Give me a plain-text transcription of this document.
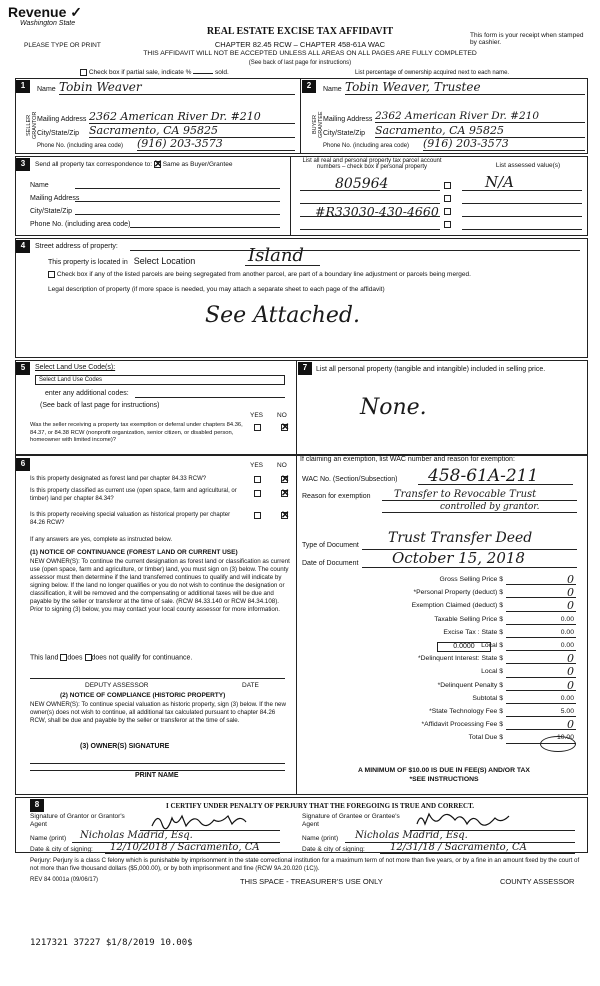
Revenue ✓
Washington State
PLEASE TYPE OR PRINT
REAL ESTATE EXCISE TAX AFFIDAVIT
CHAPTER 82.45 RCW – CHAPTER 458-61A WAC
THIS AFFIDAVIT WILL NOT BE ACCEPTED UNLESS ALL AREAS ON ALL PAGES ARE FULLY COMPLETED
(See back of last page for instructions)
This form is your receipt when stamped by cashier.
Check box if partial sale, indicate %	sold.	List percentage of ownership acquired next to each name.
1
SELLER GRANTOR
Name Tobin Weaver
Mailing Address 2362 American River Dr. #210
City/State/Zip Sacramento, CA 95825
Phone No. (including area code) (916) 203-3573
2
BUYER GRANTEE
Name Tobin Weaver, Trustee
Mailing Address 2362 American River Dr. #210
City/State/Zip Sacramento, CA 95825
Phone No. (including area code) (916) 203-3573
3	Send all property tax correspondence to: ✕ Same as Buyer/Grantee
Name
Mailing Address
City/State/Zip
Phone No. (including area code)
List all real and personal property tax parcel account numbers – check box if personal property	List assessed value(s)
805964
#R33030-430-4660
N/A
4	Street address of property:
This property is located in Select Location	Island
Check box if any of the listed parcels are being segregated from another parcel, are part of a boundary line adjustment or parcels being merged.
Legal description of property (if more space is needed, you may attach a separate sheet to each page of the affidavit)
See Attached.
5	Select Land Use Code(s):
Select Land Use Codes
enter any additional codes:
(See back of last page for instructions)
YES NO
Was the seller receiving a property tax exemption or deferral under chapters 84.36, 84.37, or 84.38 RCW (nonprofit organization, senior citizen, or disabled person, homeowner with limited income)?
✕
7	List all personal property (tangible and intangible) included in selling price.
None.
If claiming an exemption, list WAC number and reason for exemption:
WAC No. (Section/Subsection) 458-61A-211
Reason for exemption Transfer to Revocable Trust
controlled by grantor.
Type of Document Trust Transfer Deed
Date of Document October 15, 2018
Gross Selling Price $	0
*Personal Property (deduct) $	0
Exemption Claimed (deduct) $	0
Taxable Selling Price $	0.00
Excise Tax : State $	0.00
Local $	0.00
*Delinquent Interest: State $	0
Local $	0
*Delinquent Penalty $	0
Subtotal $	0.00
*State Technology Fee $	5.00
*Affidavit Processing Fee $	0
Total Due $	10.00
0.0000
A MINIMUM OF $10.00 IS DUE IN FEE(S) AND/OR TAX
*SEE INSTRUCTIONS
6	YES NO
Is this property designated as forest land per chapter 84.33 RCW?	✕
Is this property classified as current use (open space, farm and agricultural, or timber) land per chapter 84.34?	✕
Is this property receiving special valuation as historical property per chapter 84.26 RCW?
✕
If any answers are yes, complete as instructed below.
(1) NOTICE OF CONTINUANCE (FOREST LAND OR CURRENT USE)
NEW OWNER(S): To continue the current designation as forest land or classification as current use (open space, farm and agriculture, or timber) land, you must sign on (3) below. The county assessor must then determine if the land transferred continues to qualify and will indicate by signing below. If the land no longer qualifies or you do not wish to continue the designation or classification, it will be removed and the compensating or additional taxes will be due and payable by the seller or transferor at the time of sale. (RCW 84.33.140 or RCW 84.34.108). Prior to signing (3) below, you may contact your local county assessor for more information.
This land does does not qualify for continuance.
DEPUTY ASSESSOR	DATE
(2) NOTICE OF COMPLIANCE (HISTORIC PROPERTY)
NEW OWNER(S): To continue special valuation as historic property, sign (3) below. If the new owner(s) does not wish to continue, all additional tax calculated pursuant to chapter 84.26 RCW, shall be due and payable by the seller or transferor at the time of sale.
(3) OWNER(S) SIGNATURE
PRINT NAME
8	I CERTIFY UNDER PENALTY OF PERJURY THAT THE FOREGOING IS TRUE AND CORRECT.
Signature of Grantor or Grantor's Agent
Name (print) Nicholas Madrid, Esq.
Date & city of signing: 12/10/2018 / Sacramento, CA
Signature of Grantee or Grantee's Agent
Name (print) Nicholas Madrid, Esq.
Date & city of signing:	12/31/18 / Sacramento, CA
Perjury: Perjury is a class C felony which is punishable by imprisonment in the state correctional institution for a maximum term of not more than five years, or by a fine in an amount fixed by the court of not more than five thousand dollars ($5,000.00), or by both imprisonment and fine (RCW 9A.20.020 (1C)).
REV 84 0001a (09/06/17)	THIS SPACE - TREASURER'S USE ONLY	COUNTY ASSESSOR
1217321 37227 $1/8/2019 10.00$
